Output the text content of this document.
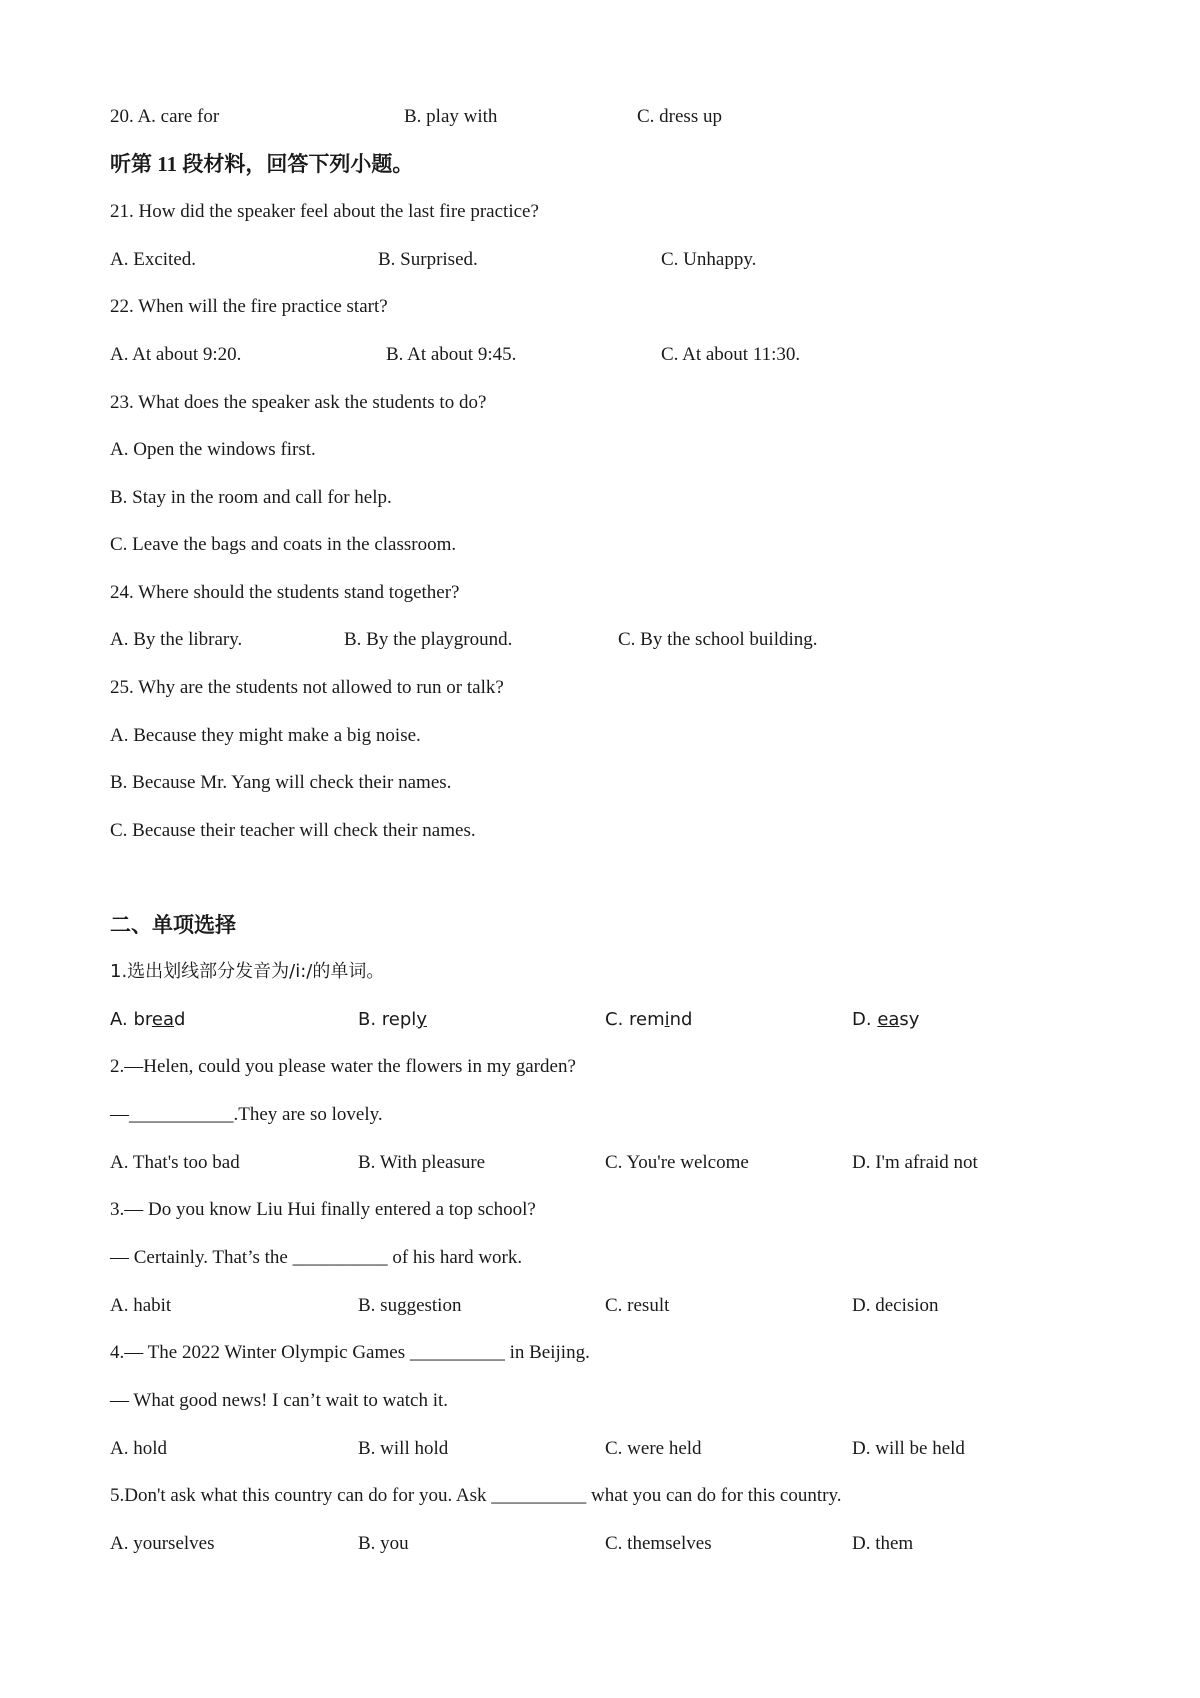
20. A. care for	B. play with	C. dress up
听第 11 段材料，回答下列小题。
21. How did the speaker feel about the last fire practice?
A. Excited.	B. Surprised.	C. Unhappy.
22. When will the fire practice start?
A. At about 9:20.	B. At about 9:45.	C. At about 11:30.
23. What does the speaker ask the students to do?
A. Open the windows first.
B. Stay in the room and call for help.
C. Leave the bags and coats in the classroom.
24. Where should the students stand together?
A. By the library.	B. By the playground.	C. By the school building.
25. Why are the students not allowed to run or talk?
A. Because they might make a big noise.
B. Because Mr. Yang will check their names.
C. Because their teacher will check their names.
二、单项选择
1.选出划线部分发音为/i:/的单词。
A. bread	B. reply	C. remind	D. easy
2.—Helen, could you please water the flowers in my garden?
—___________.They are so lovely.
A. That's too bad	B. With pleasure	C. You're welcome	D. I'm afraid not
3.— Do you know Liu Hui finally entered a top school?
— Certainly. That’s the __________ of his hard work.
A. habit	B. suggestion	C. result	D. decision
4.— The 2022 Winter Olympic Games __________ in Beijing.
— What good news! I can’t wait to watch it.
A. hold	B. will hold	C. were held	D. will be held
5.Don't ask what this country can do for you. Ask __________ what you can do for this country.
A. yourselves	B. you	C. themselves	D. them
